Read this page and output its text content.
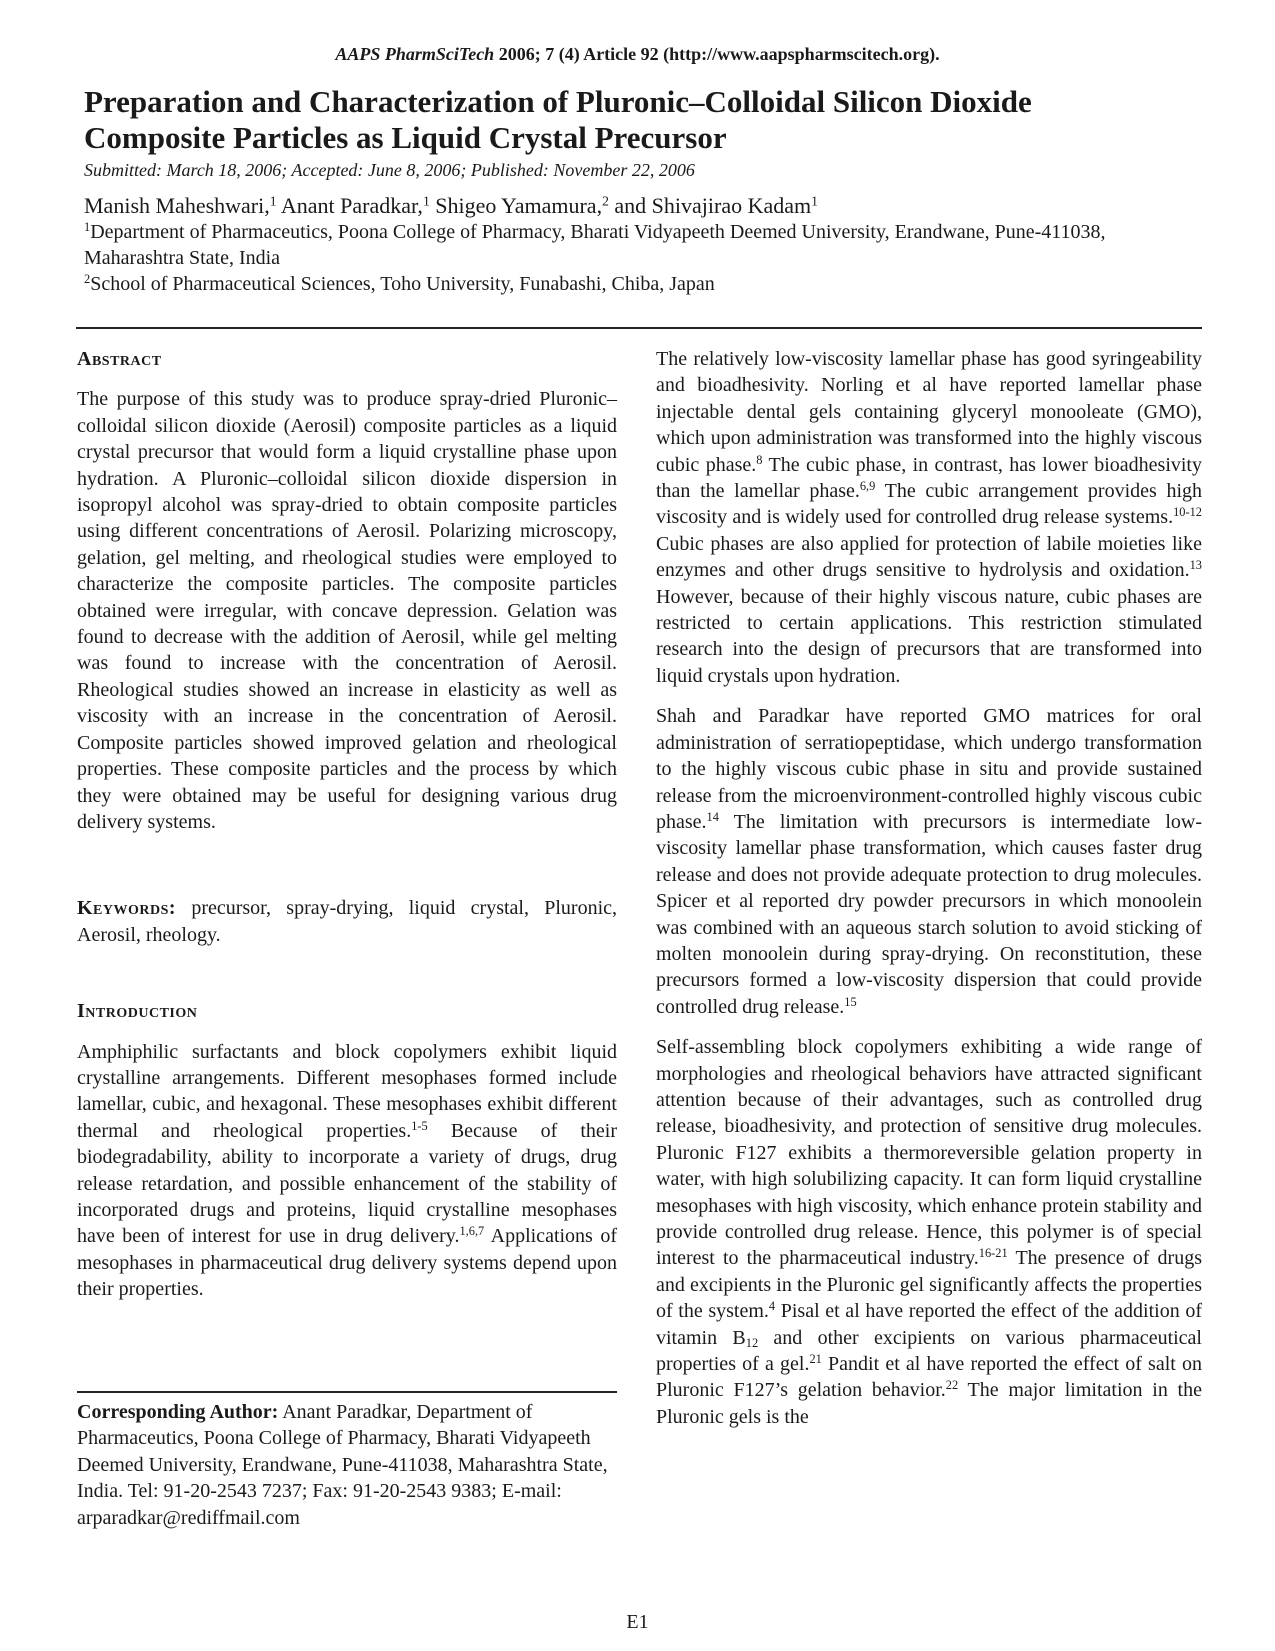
AAPS PharmSciTech 2006; 7 (4) Article 92 (http://www.aapspharmscitech.org).
Preparation and Characterization of Pluronic–Colloidal Silicon Dioxide
Composite Particles as Liquid Crystal Precursor
Submitted: March 18, 2006; Accepted: June 8, 2006; Published: November 22, 2006
Manish Maheshwari,$^1$ Anant Paradkar,$^1$ Shigeo Yamamura,$^2$ and Shivajirao Kadam$^1$
$^1$Department of Pharmaceutics, Poona College of Pharmacy, Bharati Vidyapeeth Deemed University, Erandwane, Pune-411038, Maharashtra State, India
$^2$School of Pharmaceutical Sciences, Toho University, Funabashi, Chiba, Japan
Abstract

The purpose of this study was to produce spray-dried Pluronic–colloidal silicon dioxide (Aerosil) composite particles as a liquid crystal precursor that would form a liquid crystalline phase upon hydration. A Pluronic–colloidal silicon dioxide dispersion in isopropyl alcohol was spray-dried to obtain composite particles using different concentrations of Aerosil. Polarizing microscopy, gelation, gel melting, and rheological studies were employed to characterize the composite particles. The composite particles obtained were irregular, with concave depression. Gelation was found to decrease with the addition of Aerosil, while gel melting was found to increase with the concentration of Aerosil. Rheological studies showed an increase in elasticity as well as viscosity with an increase in the concentration of Aerosil. Composite particles showed improved gelation and rheological properties. These composite particles and the process by which they were obtained may be useful for designing various drug delivery systems.

Keywords: precursor, spray-drying, liquid crystal, Pluronic, Aerosil, rheology.

Introduction

Amphiphilic surfactants and block copolymers exhibit liquid crystalline arrangements. Different mesophases formed include lamellar, cubic, and hexagonal. These mesophases exhibit different thermal and rheological properties.$^{1-5}$ Because of their biodegradability, ability to incorporate a variety of drugs, drug release retardation, and possible enhancement of the stability of incorporated drugs and proteins, liquid crystalline mesophases have been of interest for use in drug delivery.$^{1,6,7}$ Applications of mesophases in pharmaceutical drug delivery systems depend upon their properties.

Corresponding Author: Anant Paradkar, Department of Pharmaceutics, Poona College of Pharmacy, Bharati Vidyapeeth Deemed University, Erandwane, Pune-411038, Maharashtra State, India. Tel: 91-20-2543 7237; Fax: 91-20-2543 9383; E-mail: arparadkar@rediffmail.com

The relatively low-viscosity lamellar phase has good syringeability and bioadhesivity. Norling et al have reported lamellar phase injectable dental gels containing glyceryl monooleate (GMO), which upon administration was transformed into the highly viscous cubic phase.$^8$ The cubic phase, in contrast, has lower bioadhesivity than the lamellar phase.$^{6,9}$ The cubic arrangement provides high viscosity and is widely used for controlled drug release systems.$^{10-12}$ Cubic phases are also applied for protection of labile moieties like enzymes and other drugs sensitive to hydrolysis and oxidation.$^{13}$ However, because of their highly viscous nature, cubic phases are restricted to certain applications. This restriction stimulated research into the design of precursors that are transformed into liquid crystals upon hydration.

Shah and Paradkar have reported GMO matrices for oral administration of serratiopeptidase, which undergo transformation to the highly viscous cubic phase in situ and provide sustained release from the microenvironment-controlled highly viscous cubic phase.$^{14}$ The limitation with precursors is intermediate low-viscosity lamellar phase transformation, which causes faster drug release and does not provide adequate protection to drug molecules. Spicer et al reported dry powder precursors in which monoolein was combined with an aqueous starch solution to avoid sticking of molten monoolein during spray-drying. On reconstitution, these precursors formed a low-viscosity dispersion that could provide controlled drug release.$^{15}$

Self-assembling block copolymers exhibiting a wide range of morphologies and rheological behaviors have attracted significant attention because of their advantages, such as controlled drug release, bioadhesivity, and protection of sensitive drug molecules. Pluronic F127 exhibits a thermoreversible gelation property in water, with high solubilizing capacity. It can form liquid crystalline mesophases with high viscosity, which enhance protein stability and provide controlled drug release. Hence, this polymer is of special interest to the pharmaceutical industry.$^{16-21}$ The presence of drugs and excipients in the Pluronic gel significantly affects the properties of the system.$^4$ Pisal et al have reported the effect of the addition of vitamin $B_{12}$ and other excipients on various pharmaceutical properties of a gel.$^{21}$ Pandit et al have reported the effect of salt on Pluronic F127’s gelation behavior.$^{22}$ The major limitation in the Pluronic gels is the

E1
